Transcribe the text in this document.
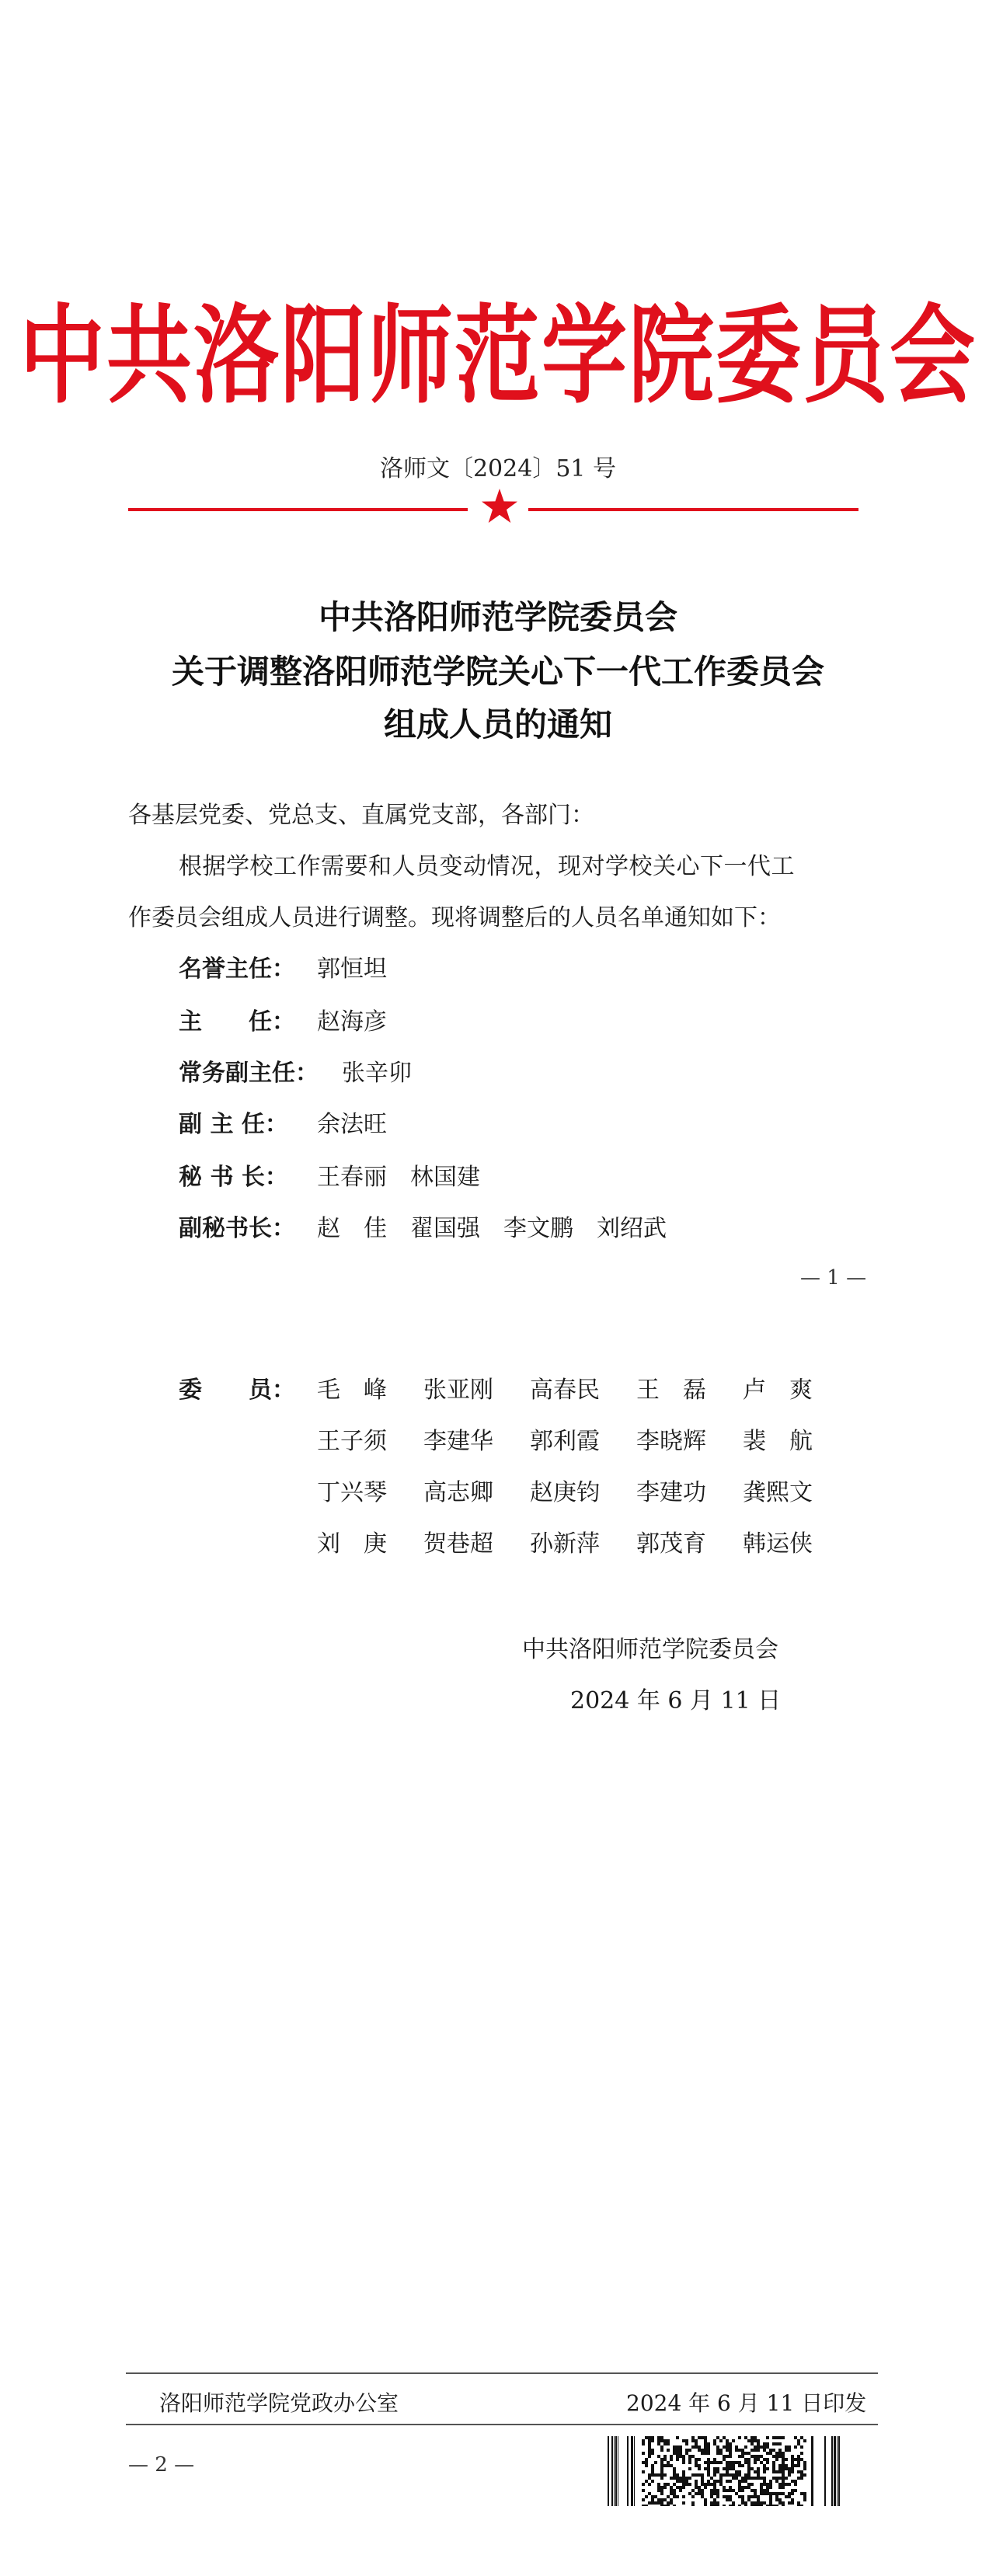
中共洛阳师范学院委员会
洛师文〔2024〕51 号
中共洛阳师范学院委员会
关于调整洛阳师范学院关心下一代工作委员会
组成人员的通知
各基层党委、党总支、直属党支部，各部门：
根据学校工作需要和人员变动情况，现对学校关心下一代工
作委员会组成人员进行调整。现将调整后的人员名单通知如下：
名誉主任： 郭恒坦
主　　任： 赵海彦
常务副主任： 张辛卯
副 主 任： 余法旺
秘 书 长： 王春丽　林国建
副秘书长： 赵　佳　翟国强　李文鹏　刘绍武
— 1 —
委　　员： 毛　峰 张亚刚 高春民 王　磊 卢　爽
王子须 李建华 郭利霞 李晓辉 裴　航
丁兴琴 高志卿 赵庚钧 李建功 龚熙文
刘　庚 贺巷超 孙新萍 郭茂育 韩运侠
中共洛阳师范学院委员会
2024 年 6 月 11 日
洛阳师范学院党政办公室	2024 年 6 月 11 日印发
— 2 —
